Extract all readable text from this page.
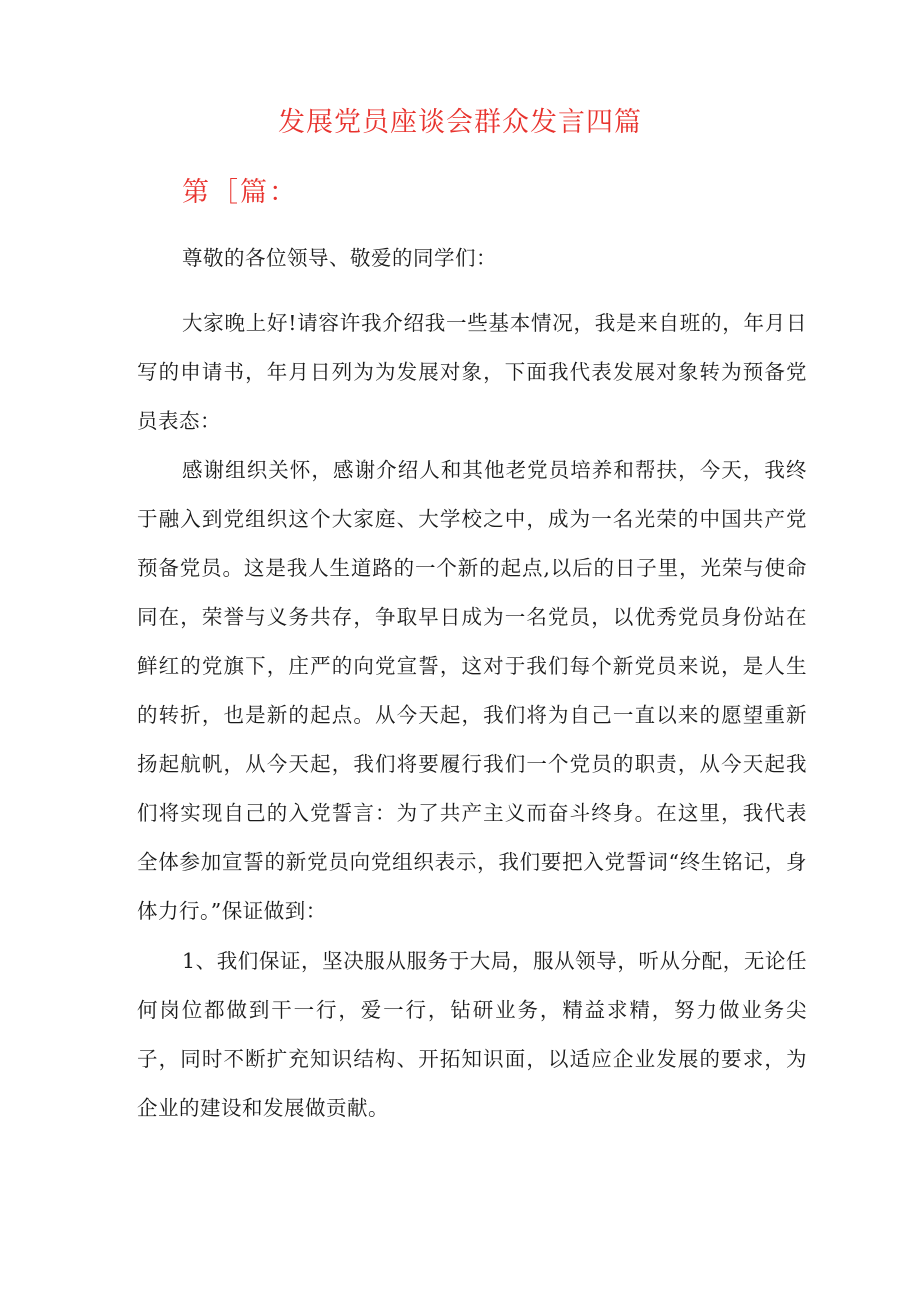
发展党员座谈会群众发言四篇
第［篇：

尊敬的各位领导、敬爱的同学们：

大家晚上好!请容许我介绍我一些基本情况，我是来自班的，年月日写的申请书，年月日列为为发展对象，下面我代表发展对象转为预备党员表态：

感谢组织关怀，感谢介绍人和其他老党员培养和帮扶，今天，我终于融入到党组织这个大家庭、大学校之中，成为一名光荣的中国共产党预备党员。这是我人生道路的一个新的起点,以后的日子里，光荣与使命同在，荣誉与义务共存，争取早日成为一名党员，以优秀党员身份站在鲜红的党旗下，庄严的向党宣誓，这对于我们每个新党员来说，是人生的转折，也是新的起点。从今天起，我们将为自己一直以来的愿望重新扬起航帆，从今天起，我们将要履行我们一个党员的职责，从今天起我们将实现自己的入党誓言：为了共产主义而奋斗终身。在这里，我代表全体参加宣誓的新党员向党组织表示，我们要把入党誓词“终生铭记，身体力行。”保证做到：

1、我们保证，坚决服从服务于大局，服从领导，听从分配，无论任何岗位都做到干一行，爱一行，钻研业务，精益求精，努力做业务尖子，同时不断扩充知识结构、开拓知识面，以适应企业发展的要求，为企业的建设和发展做贡献。
